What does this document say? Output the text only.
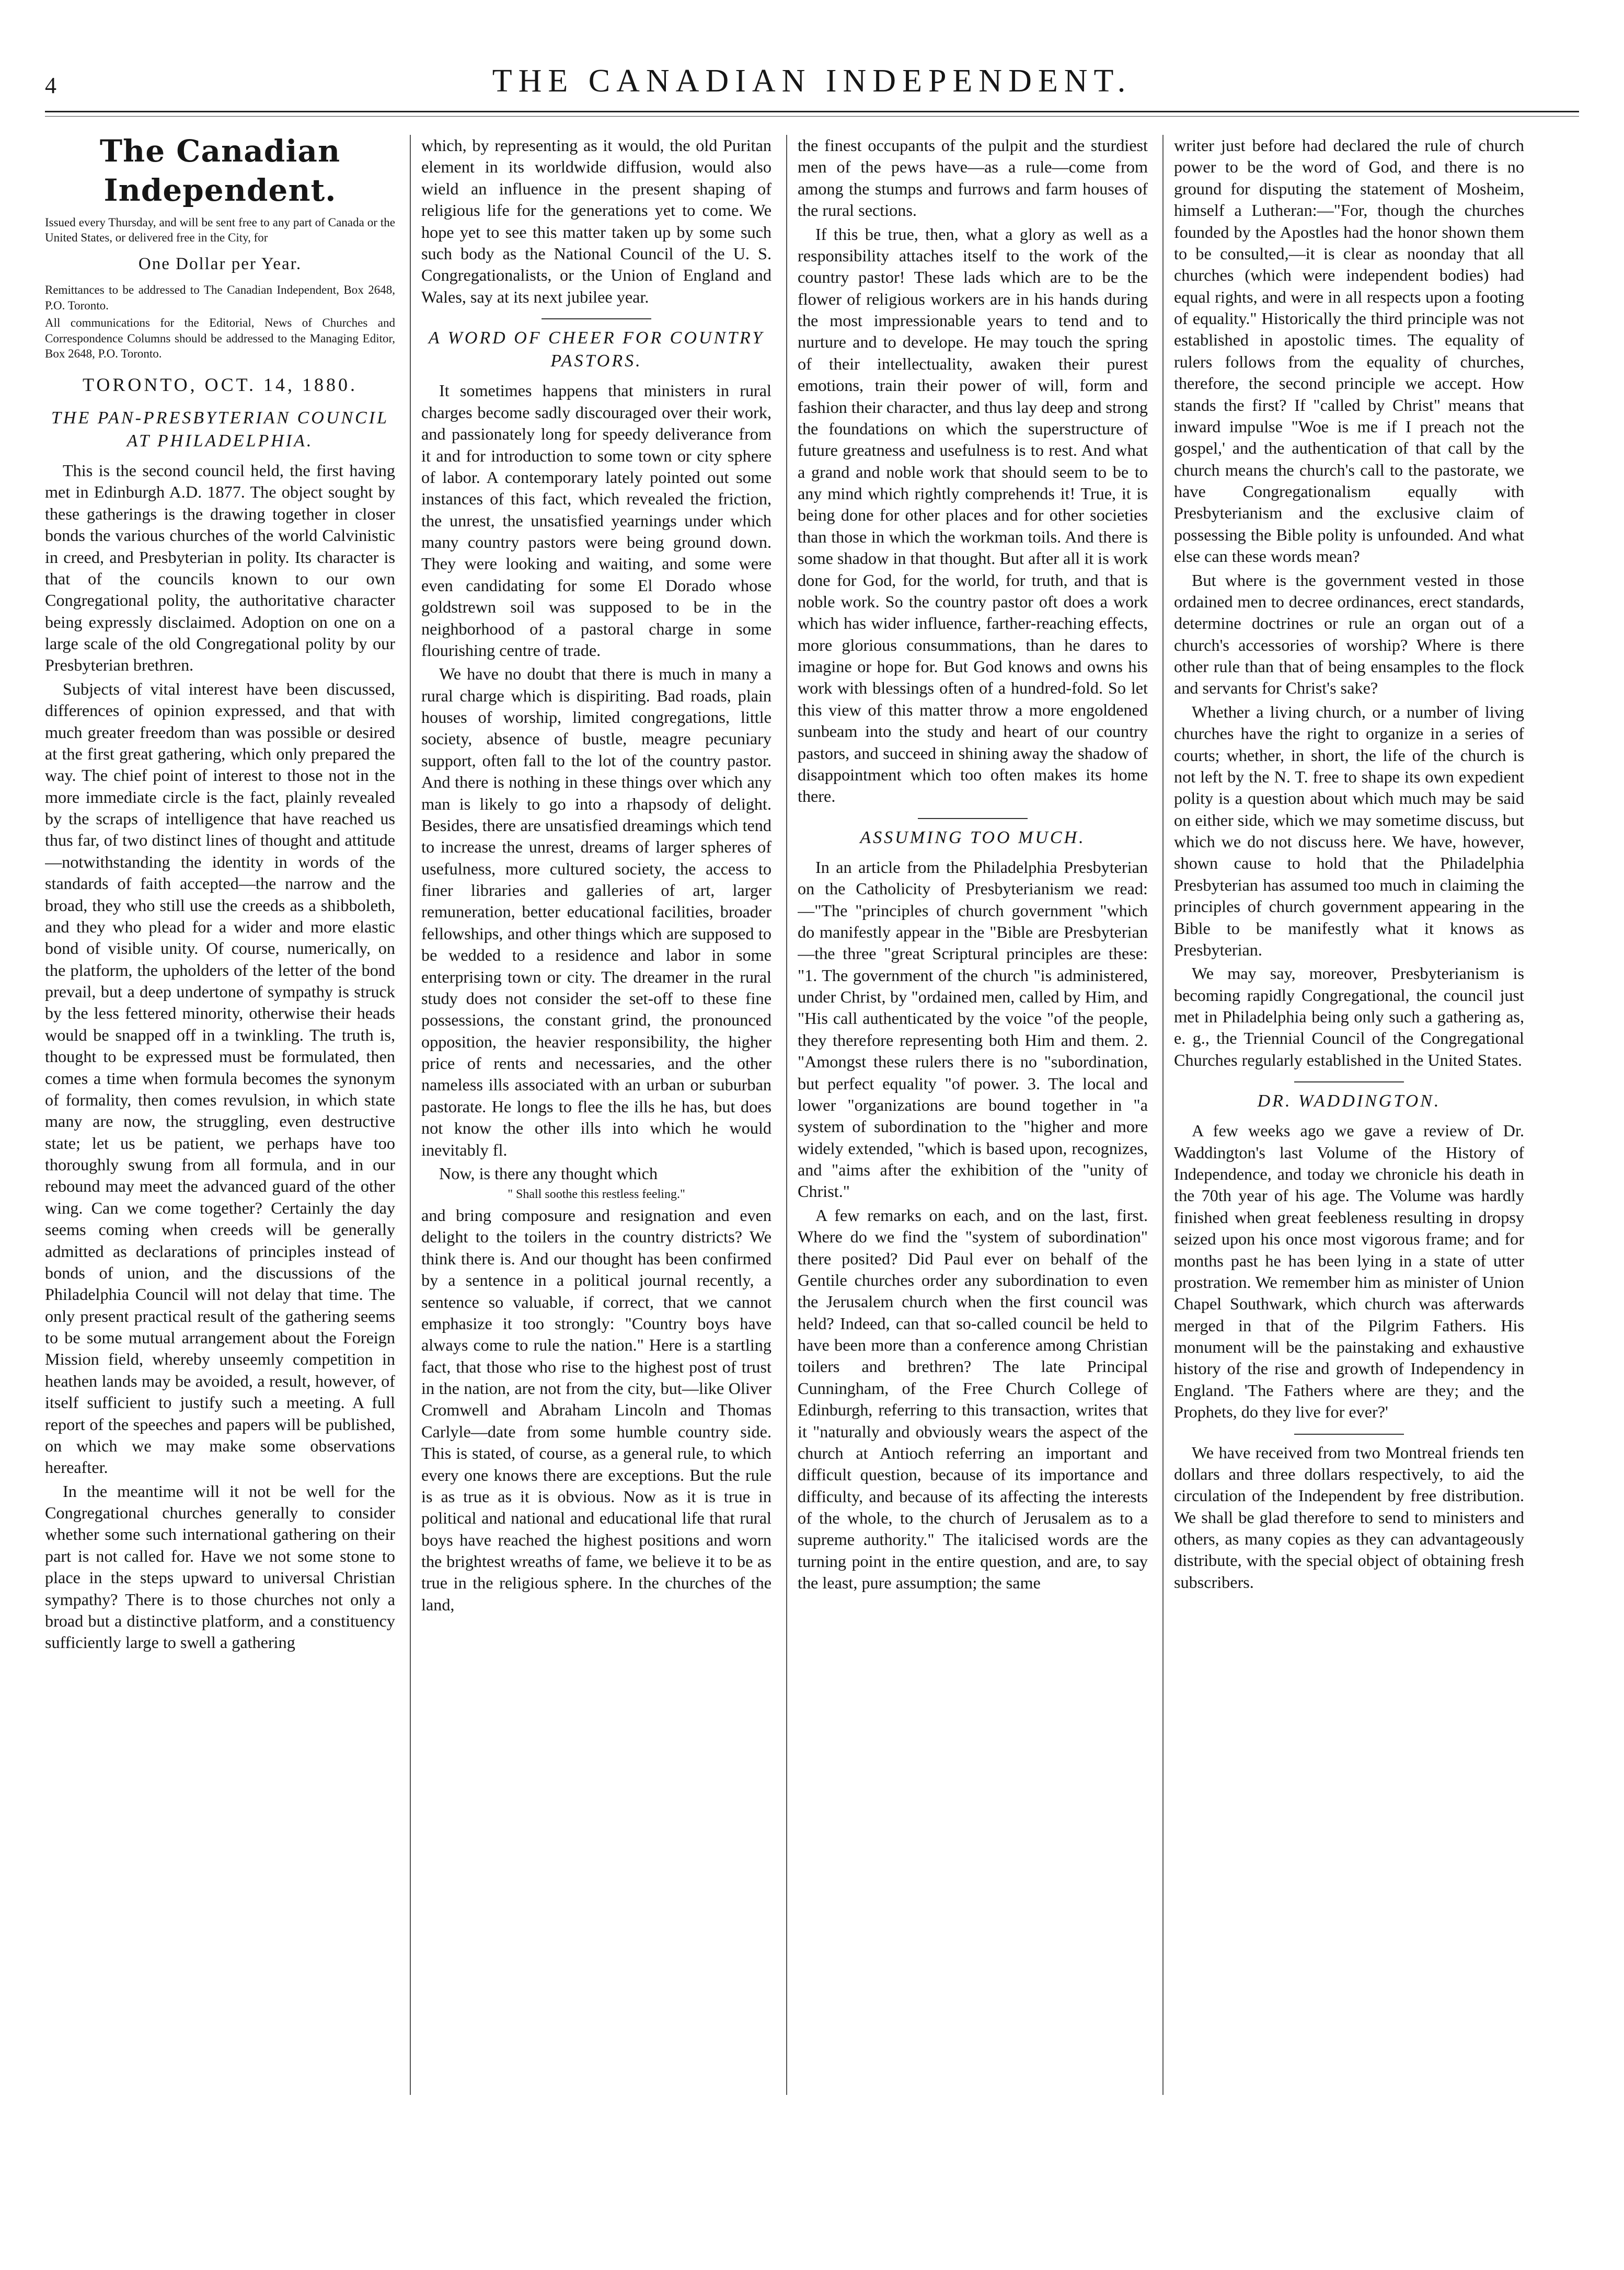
4	THE CANADIAN INDEPENDENT.
The Canadian Independent.

Issued every Thursday, and will be sent free to any part of Canada or the United States, or delivered free in the City, for

One Dollar per Year.

Remittances to be addressed to The Canadian Independent, Box 2648, P.O. Toronto.

All communications for the Editorial, News of Churches and Correspondence Columns should be addressed to the Managing Editor, Box 2648, P.O. Toronto.

TORONTO, OCT. 14, 1880.
THE PAN-PRESBYTERIAN COUNCIL AT PHILADELPHIA.

This is the second council held, the first having met in Edinburgh A.D. 1877. The object sought by these gatherings is the drawing together in closer bonds the various churches of the world Calvinistic in creed, and Presbyterian in polity. Its character is that of the councils known to our own Congregational polity, the authoritative character being expressly disclaimed. Adoption on one on a large scale of the old Congregational polity by our Presbyterian brethren.

Subjects of vital interest have been discussed, differences of opinion expressed, and that with much greater freedom than was possible or desired at the first great gathering, which only prepared the way. The chief point of interest to those not in the more immediate circle is the fact, plainly revealed by the scraps of intelligence that have reached us thus far, of two distinct lines of thought and attitude—notwithstanding the identity in words of the standards of faith accepted—the narrow and the broad, they who still use the creeds as a shibboleth, and they who plead for a wider and more elastic bond of visible unity. Of course, numerically, on the platform, the upholders of the letter of the bond prevail, but a deep undertone of sympathy is struck by the less fettered minority, otherwise their heads would be snapped off in a twinkling. The truth is, thought to be expressed must be formulated, then comes a time when formula becomes the synonym of formality, then comes revulsion, in which state many are now, the struggling, even destructive state; let us be patient, we perhaps have too thoroughly swung from all formula, and in our rebound may meet the advanced guard of the other wing. Can we come together? Certainly the day seems coming when creeds will be generally admitted as declarations of principles instead of bonds of union, and the discussions of the Philadelphia Council will not delay that time. The only present practical result of the gathering seems to be some mutual arrangement about the Foreign Mission field, whereby unseemly competition in heathen lands may be avoided, a result, however, of itself sufficient to justify such a meeting. A full report of the speeches and papers will be published, on which we may make some observations hereafter.

In the meantime will it not be well for the Congregational churches generally to consider whether some such international gathering on their part is not called for. Have we not some stone to place in the steps upward to universal Christian sympathy? There is to those churches not only a broad but a distinctive platform, and a constituency sufficiently large to swell a gathering

which, by representing as it would, the old Puritan element in its worldwide diffusion, would also wield an influence in the present shaping of religious life for the generations yet to come. We hope yet to see this matter taken up by some such such body as the National Council of the U. S. Congregationalists, or the Union of England and Wales, say at its next jubilee year.

A WORD OF CHEER FOR COUNTRY PASTORS.

It sometimes happens that ministers in rural charges become sadly discouraged over their work, and passionately long for speedy deliverance from it and for introduction to some town or city sphere of labor. A contemporary lately pointed out some instances of this fact, which revealed the friction, the unrest, the unsatisfied yearnings under which many country pastors were being ground down. They were looking and waiting, and some were even candidating for some El Dorado whose goldstrewn soil was supposed to be in the neighborhood of a pastoral charge in some flourishing centre of trade.

We have no doubt that there is much in many a rural charge which is dispiriting. Bad roads, plain houses of worship, limited congregations, little society, absence of bustle, meagre pecuniary support, often fall to the lot of the country pastor. And there is nothing in these things over which any man is likely to go into a rhapsody of delight. Besides, there are unsatisfied dreamings which tend to increase the unrest, dreams of larger spheres of usefulness, more cultured society, the access to finer libraries and galleries of art, larger remuneration, better educational facilities, broader fellowships, and other things which are supposed to be wedded to a residence and labor in some enterprising town or city. The dreamer in the rural study does not consider the set-off to these fine possessions, the constant grind, the pronounced opposition, the heavier responsibility, the higher price of rents and necessaries, and the other nameless ills associated with an urban or suburban pastorate. He longs to flee the ills he has, but does not know the other ills into which he would inevitably fl.

Now, is there any thought which

" Shall soothe this restless feeling."

and bring composure and resignation and even delight to the toilers in the country districts? We think there is. And our thought has been confirmed by a sentence in a political journal recently, a sentence so valuable, if correct, that we cannot emphasize it too strongly: "Country boys have always come to rule the nation." Here is a startling fact, that those who rise to the highest post of trust in the nation, are not from the city, but—like Oliver Cromwell and Abraham Lincoln and Thomas Carlyle—date from some humble country side. This is stated, of course, as a general rule, to which every one knows there are exceptions. But the rule is as true as it is obvious. Now as it is true in political and national and educational life that rural boys have reached the highest positions and worn the brightest wreaths of fame, we believe it to be as true in the religious sphere. In the churches of the land,

the finest occupants of the pulpit and the sturdiest men of the pews have—as a rule—come from among the stumps and furrows and farm houses of the rural sections.

If this be true, then, what a glory as well as a responsibility attaches itself to the work of the country pastor! These lads which are to be the flower of religious workers are in his hands during the most impressionable years to tend and to nurture and to develope. He may touch the spring of their intellectuality, awaken their purest emotions, train their power of will, form and fashion their character, and thus lay deep and strong the foundations on which the superstructure of future greatness and usefulness is to rest. And what a grand and noble work that should seem to be to any mind which rightly comprehends it! True, it is being done for other places and for other societies than those in which the workman toils. And there is some shadow in that thought. But after all it is work done for God, for the world, for truth, and that is noble work. So the country pastor oft does a work which has wider influence, farther-reaching effects, more glorious consummations, than he dares to imagine or hope for. But God knows and owns his work with blessings often of a hundred-fold. So let this view of this matter throw a more engoldened sunbeam into the study and heart of our country pastors, and succeed in shining away the shadow of disappointment which too often makes its home there.

ASSUMING TOO MUCH.

In an article from the Philadelphia Presbyterian on the Catholicity of Presbyterianism we read:—"The "principles of church government "which do manifestly appear in the "Bible are Presbyterian—the three "great Scriptural principles are these: "1. The government of the church "is administered, under Christ, by "ordained men, called by Him, and "His call authenticated by the voice "of the people, they therefore representing both Him and them. 2. "Amongst these rulers there is no "subordination, but perfect equality "of power. 3. The local and lower "organizations are bound together in "a system of subordination to the "higher and more widely extended, "which is based upon, recognizes, and "aims after the exhibition of the "unity of Christ."

A few remarks on each, and on the last, first. Where do we find the "system of subordination" there posited? Did Paul ever on behalf of the Gentile churches order any subordination to even the Jerusalem church when the first council was held? Indeed, can that so-called council be held to have been more than a conference among Christian toilers and brethren? The late Principal Cunningham, of the Free Church College of Edinburgh, referring to this transaction, writes that it "naturally and obviously wears the aspect of the church at Antioch referring an important and difficult question, because of its importance and difficulty, and because of its affecting the interests of the whole, to the church of Jerusalem as to a supreme authority." The italicised words are the turning point in the entire question, and are, to say the least, pure assumption; the same

writer just before had declared the rule of church power to be the word of God, and there is no ground for disputing the statement of Mosheim, himself a Lutheran:—"For, though the churches founded by the Apostles had the honor shown them to be consulted,—it is clear as noonday that all churches (which were independent bodies) had equal rights, and were in all respects upon a footing of equality." Historically the third principle was not established in apostolic times. The equality of rulers follows from the equality of churches, therefore, the second principle we accept. How stands the first? If "called by Christ" means that inward impulse "Woe is me if I preach not the gospel,' and the authentication of that call by the church means the church's call to the pastorate, we have Congregationalism equally with Presbyterianism and the exclusive claim of possessing the Bible polity is unfounded. And what else can these words mean?

But where is the government vested in those ordained men to decree ordinances, erect standards, determine doctrines or rule an organ out of a church's accessories of worship? Where is there other rule than that of being ensamples to the flock and servants for Christ's sake?

Whether a living church, or a number of living churches have the right to organize in a series of courts; whether, in short, the life of the church is not left by the N. T. free to shape its own expedient polity is a question about which much may be said on either side, which we may sometime discuss, but which we do not discuss here. We have, however, shown cause to hold that the Philadelphia Presbyterian has assumed too much in claiming the principles of church government appearing in the Bible to be manifestly what it knows as Presbyterian.

We may say, moreover, Presbyterianism is becoming rapidly Congregational, the council just met in Philadelphia being only such a gathering as, e. g., the Triennial Council of the Congregational Churches regularly established in the United States.

DR. WADDINGTON.

A few weeks ago we gave a review of Dr. Waddington's last Volume of the History of Independence, and today we chronicle his death in the 70th year of his age. The Volume was hardly finished when great feebleness resulting in dropsy seized upon his once most vigorous frame; and for months past he has been lying in a state of utter prostration. We remember him as minister of Union Chapel Southwark, which church was afterwards merged in that of the Pilgrim Fathers. His monument will be the painstaking and exhaustive history of the rise and growth of Independency in England. 'The Fathers where are they; and the Prophets, do they live for ever?'

We have received from two Montreal friends ten dollars and three dollars respectively, to aid the circulation of the Independent by free distribution. We shall be glad therefore to send to ministers and others, as many copies as they can advantageously distribute, with the special object of obtaining fresh subscribers.
